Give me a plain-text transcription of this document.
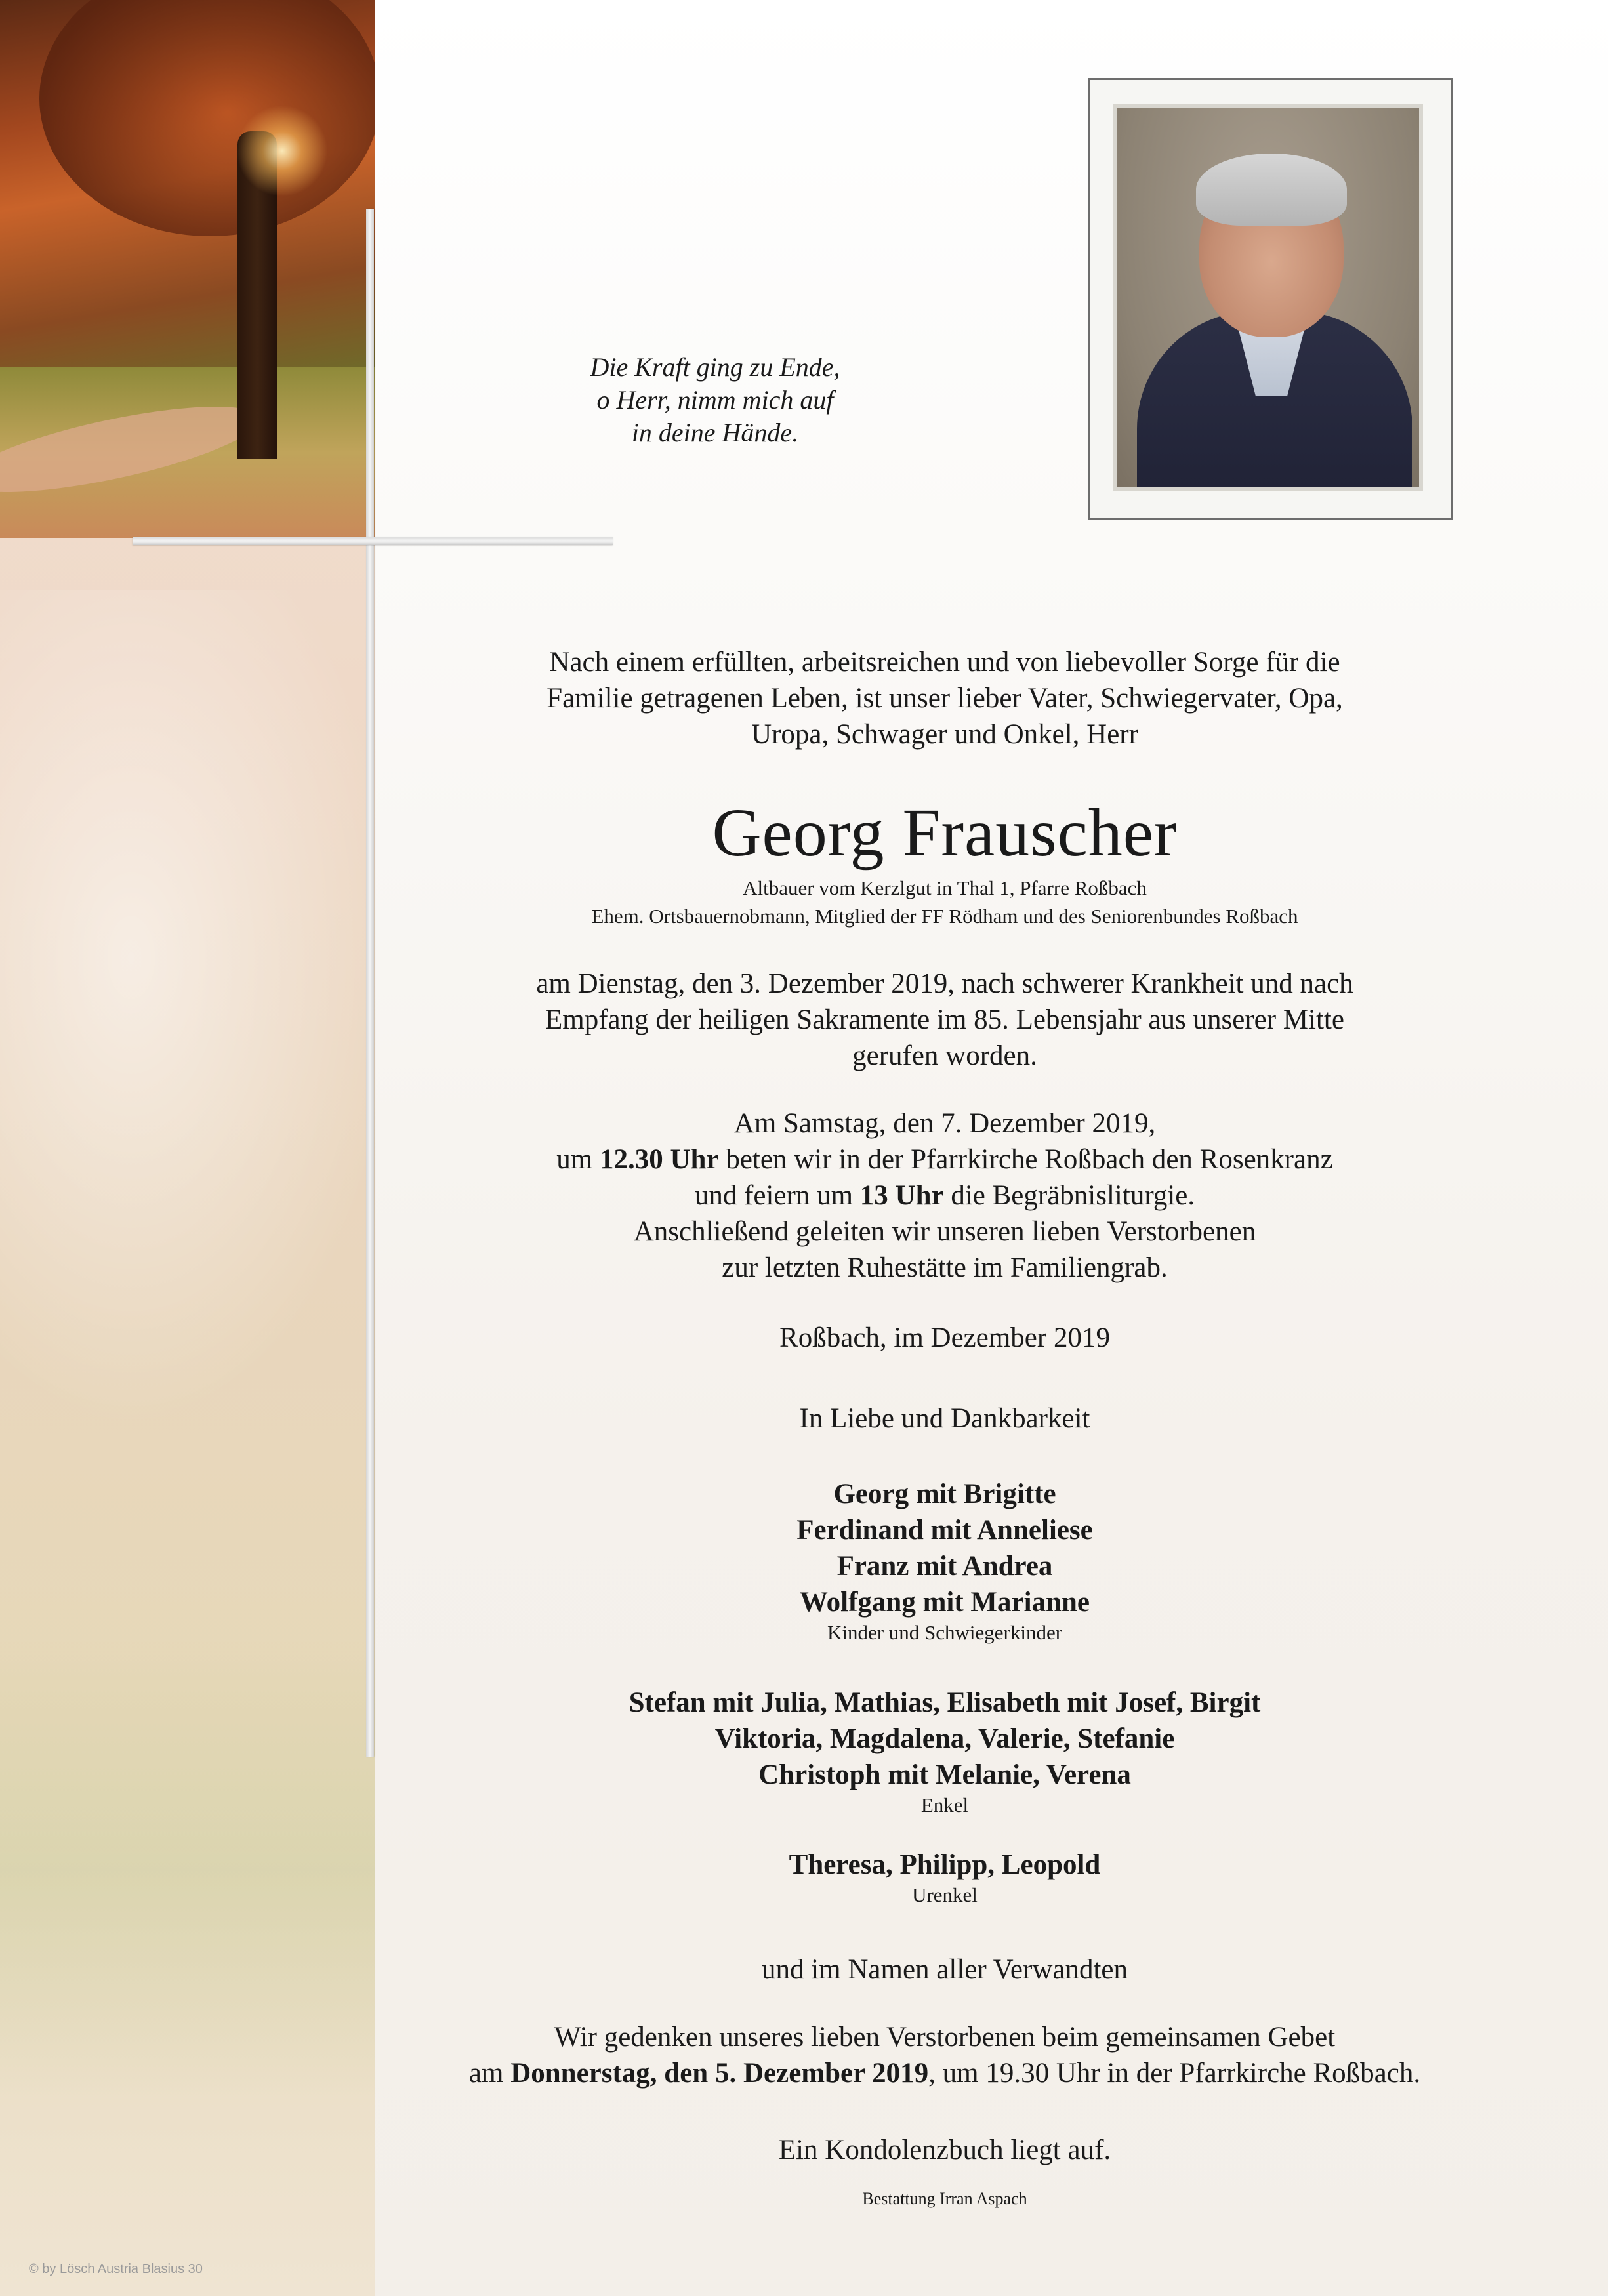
Die Kraft ging zu Ende,
o Herr, nimm mich auf
in deine Hände.
Nach einem erfüllten, arbeitsreichen und von liebevoller Sorge für die
Familie getragenen Leben, ist unser lieber Vater, Schwiegervater, Opa,
Uropa, Schwager und Onkel, Herr
Georg Frauscher
Altbauer vom Kerzlgut in Thal 1, Pfarre Roßbach
Ehem. Ortsbauernobmann, Mitglied der FF Rödham und des Seniorenbundes Roßbach
am Dienstag, den 3. Dezember 2019, nach schwerer Krankheit und nach
Empfang der heiligen Sakramente im 85. Lebensjahr aus unserer Mitte
gerufen worden.
Am Samstag, den 7. Dezember 2019,
um 12.30 Uhr beten wir in der Pfarrkirche Roßbach den Rosenkranz
und feiern um 13 Uhr die Begräbnisliturgie.
Anschließend geleiten wir unseren lieben Verstorbenen
zur letzten Ruhestätte im Familiengrab.
Roßbach, im Dezember 2019
In Liebe und Dankbarkeit
Georg mit Brigitte
Ferdinand mit Anneliese
Franz mit Andrea
Wolfgang mit Marianne
Kinder und Schwiegerkinder
Stefan mit Julia, Mathias, Elisabeth mit Josef, Birgit
Viktoria, Magdalena, Valerie, Stefanie
Christoph mit Melanie, Verena
Enkel
Theresa, Philipp, Leopold
Urenkel
und im Namen aller Verwandten
Wir gedenken unseres lieben Verstorbenen beim gemeinsamen Gebet
am Donnerstag, den 5. Dezember 2019, um 19.30 Uhr in der Pfarrkirche Roßbach.
Ein Kondolenzbuch liegt auf.
Bestattung Irran Aspach
© by Lösch Austria Blasius 30
